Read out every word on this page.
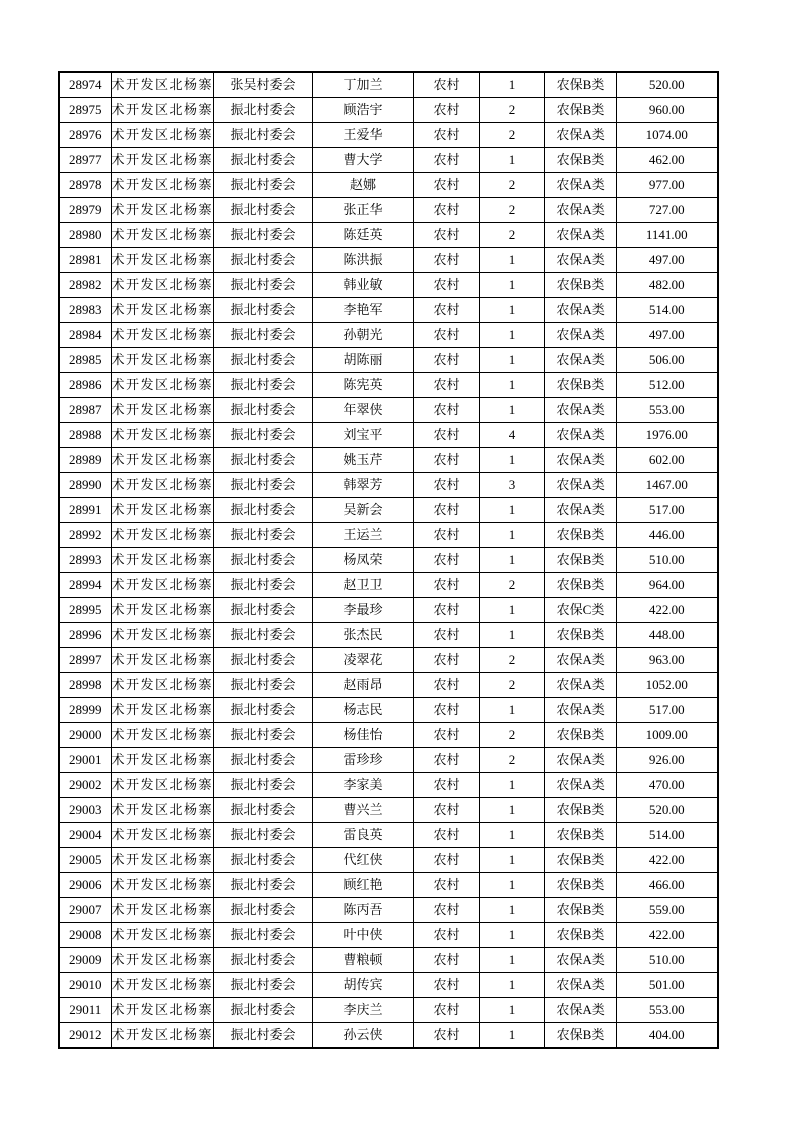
28974	术开发区北杨寨	张吴村委会	丁加兰	农村	1	农保B类	520.00
28975	术开发区北杨寨	振北村委会	顾浩宇	农村	2	农保B类	960.00
28976	术开发区北杨寨	振北村委会	王爱华	农村	2	农保A类	1074.00
28977	术开发区北杨寨	振北村委会	曹大学	农村	1	农保B类	462.00
28978	术开发区北杨寨	振北村委会	赵娜	农村	2	农保A类	977.00
28979	术开发区北杨寨	振北村委会	张正华	农村	2	农保A类	727.00
28980	术开发区北杨寨	振北村委会	陈廷英	农村	2	农保A类	1141.00
28981	术开发区北杨寨	振北村委会	陈洪振	农村	1	农保A类	497.00
28982	术开发区北杨寨	振北村委会	韩业敏	农村	1	农保B类	482.00
28983	术开发区北杨寨	振北村委会	李艳军	农村	1	农保A类	514.00
28984	术开发区北杨寨	振北村委会	孙朝光	农村	1	农保A类	497.00
28985	术开发区北杨寨	振北村委会	胡陈丽	农村	1	农保A类	506.00
28986	术开发区北杨寨	振北村委会	陈宪英	农村	1	农保B类	512.00
28987	术开发区北杨寨	振北村委会	年翠侠	农村	1	农保A类	553.00
28988	术开发区北杨寨	振北村委会	刘宝平	农村	4	农保A类	1976.00
28989	术开发区北杨寨	振北村委会	姚玉芹	农村	1	农保A类	602.00
28990	术开发区北杨寨	振北村委会	韩翠芳	农村	3	农保A类	1467.00
28991	术开发区北杨寨	振北村委会	吴新会	农村	1	农保A类	517.00
28992	术开发区北杨寨	振北村委会	王运兰	农村	1	农保B类	446.00
28993	术开发区北杨寨	振北村委会	杨凤荣	农村	1	农保B类	510.00
28994	术开发区北杨寨	振北村委会	赵卫卫	农村	2	农保B类	964.00
28995	术开发区北杨寨	振北村委会	李最珍	农村	1	农保C类	422.00
28996	术开发区北杨寨	振北村委会	张杰民	农村	1	农保B类	448.00
28997	术开发区北杨寨	振北村委会	凌翠花	农村	2	农保A类	963.00
28998	术开发区北杨寨	振北村委会	赵雨昂	农村	2	农保A类	1052.00
28999	术开发区北杨寨	振北村委会	杨志民	农村	1	农保A类	517.00
29000	术开发区北杨寨	振北村委会	杨佳怡	农村	2	农保B类	1009.00
29001	术开发区北杨寨	振北村委会	雷珍珍	农村	2	农保A类	926.00
29002	术开发区北杨寨	振北村委会	李家美	农村	1	农保A类	470.00
29003	术开发区北杨寨	振北村委会	曹兴兰	农村	1	农保B类	520.00
29004	术开发区北杨寨	振北村委会	雷良英	农村	1	农保B类	514.00
29005	术开发区北杨寨	振北村委会	代红侠	农村	1	农保B类	422.00
29006	术开发区北杨寨	振北村委会	顾红艳	农村	1	农保B类	466.00
29007	术开发区北杨寨	振北村委会	陈丙吾	农村	1	农保B类	559.00
29008	术开发区北杨寨	振北村委会	叶中侠	农村	1	农保B类	422.00
29009	术开发区北杨寨	振北村委会	曹粮顿	农村	1	农保A类	510.00
29010	术开发区北杨寨	振北村委会	胡传宾	农村	1	农保A类	501.00
29011	术开发区北杨寨	振北村委会	李庆兰	农村	1	农保A类	553.00
29012	术开发区北杨寨	振北村委会	孙云侠	农村	1	农保B类	404.00
